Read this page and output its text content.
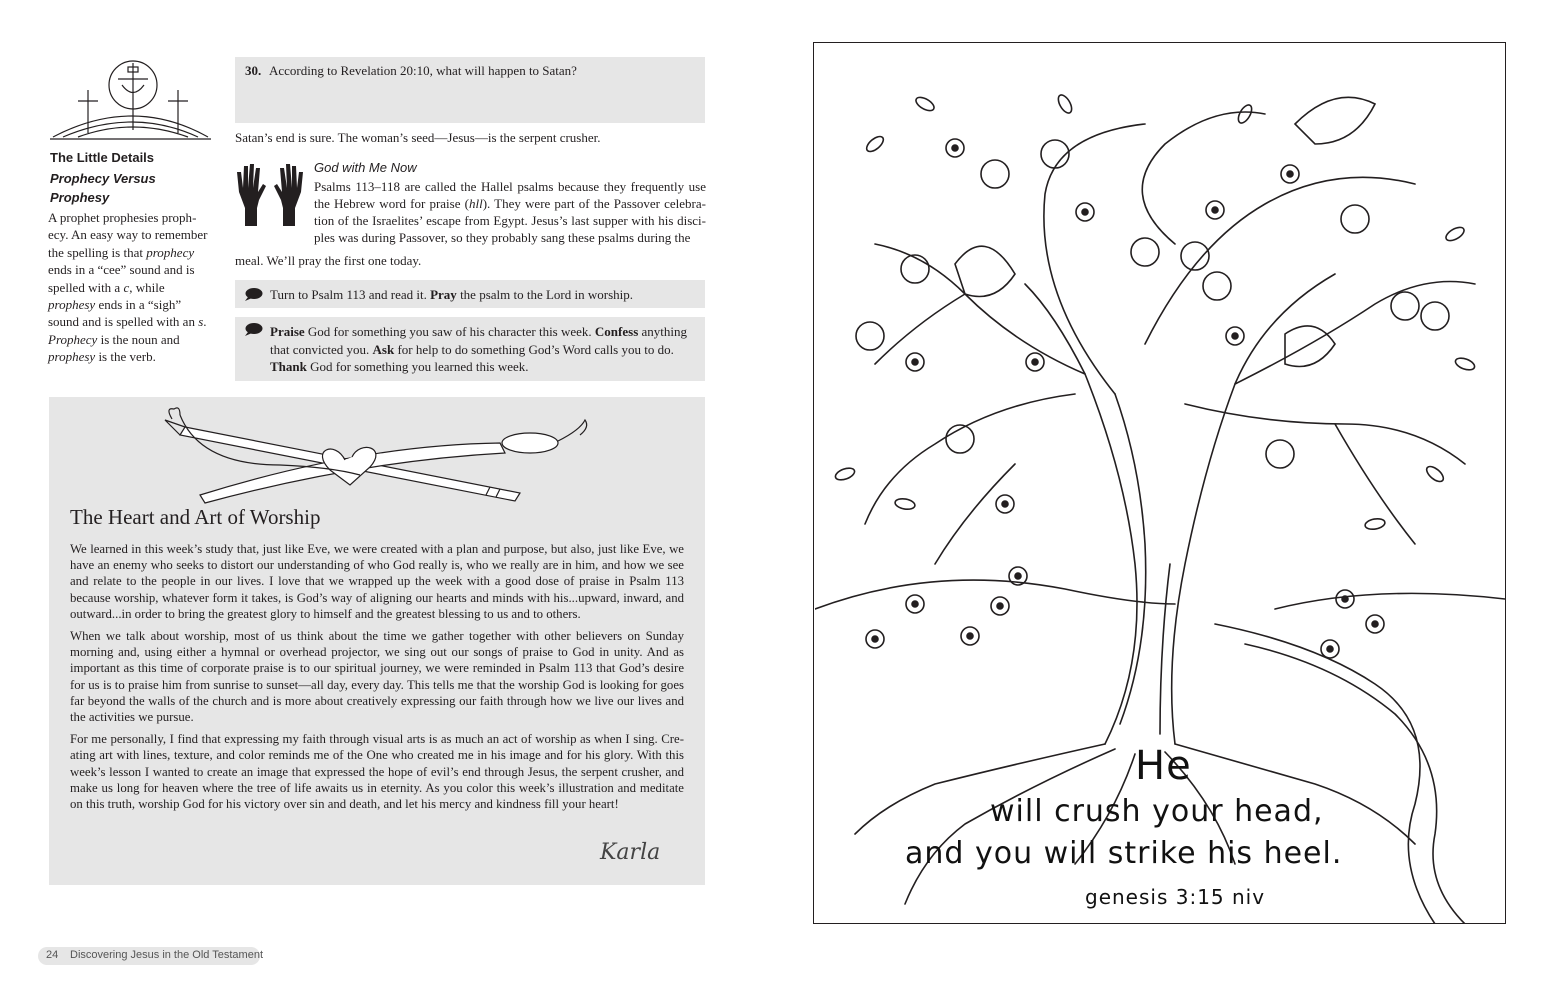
The Little Details
Prophecy Versus Prophesy
A prophet prophesies prophecy. An easy way to remember the spelling is that prophecy ends in a “cee” sound and is spelled with a c, while prophesy ends in a “sigh” sound and is spelled with an s. Prophecy is the noun and prophesy is the verb.
30. According to Revelation 20:10, what will happen to Satan?
Satan’s end is sure. The woman’s seed—Jesus—is the serpent crusher.
God with Me Now
Psalms 113–118 are called the Hallel psalms because they frequently use the Hebrew word for praise (hll). They were part of the Passover celebration of the Israelites’ escape from Egypt. Jesus’s last supper with his disciples was during Passover, so they probably sang these psalms during the
meal. We’ll pray the first one today.
Turn to Psalm 113 and read it. Pray the psalm to the Lord in worship.
Praise God for something you saw of his character this week. Confess anything that convicted you. Ask for help to do something God’s Word calls you to do. Thank God for something you learned this week.
The Heart and Art of Worship

We learned in this week’s study that, just like Eve, we were created with a plan and purpose, but also, just like Eve, we have an enemy who seeks to distort our understanding of who God really is, who we really are in him, and how we see and relate to the people in our lives. I love that we wrapped up the week with a good dose of praise in Psalm 113 because worship, whatever form it takes, is God’s way of aligning our hearts and minds with his...upward, inward, and outward...in order to bring the greatest glory to himself and the greatest blessing to us and to others.

When we talk about worship, most of us think about the time we gather together with other believers on Sunday morning and, using either a hymnal or overhead projector, we sing out our songs of praise to God in unity. And as important as this time of corporate praise is to our spiritual journey, we were reminded in Psalm 113 that God’s desire for us is to praise him from sunrise to sunset—all day, every day. This tells me that the worship God is looking for goes far beyond the walls of the church and is more about creatively expressing our faith through how we live our lives and the activities we pursue.

For me personally, I find that expressing my faith through visual arts is as much an act of worship as when I sing. Creating art with lines, texture, and color reminds me of the One who created me in his image and for his glory. With this week’s lesson I wanted to create an image that expressed the hope of evil’s end through Jesus, the serpent crusher, and make us long for heaven where the tree of life awaits us in eternity. As you color this week’s illustration and meditate on this truth, worship God for his victory over sin and death, and let his mercy and kindness fill your heart!

Karla
24 Discovering Jesus in the Old Testament
He
will crush your head,
and you will strike his heel.
genesis 3:15 niv
